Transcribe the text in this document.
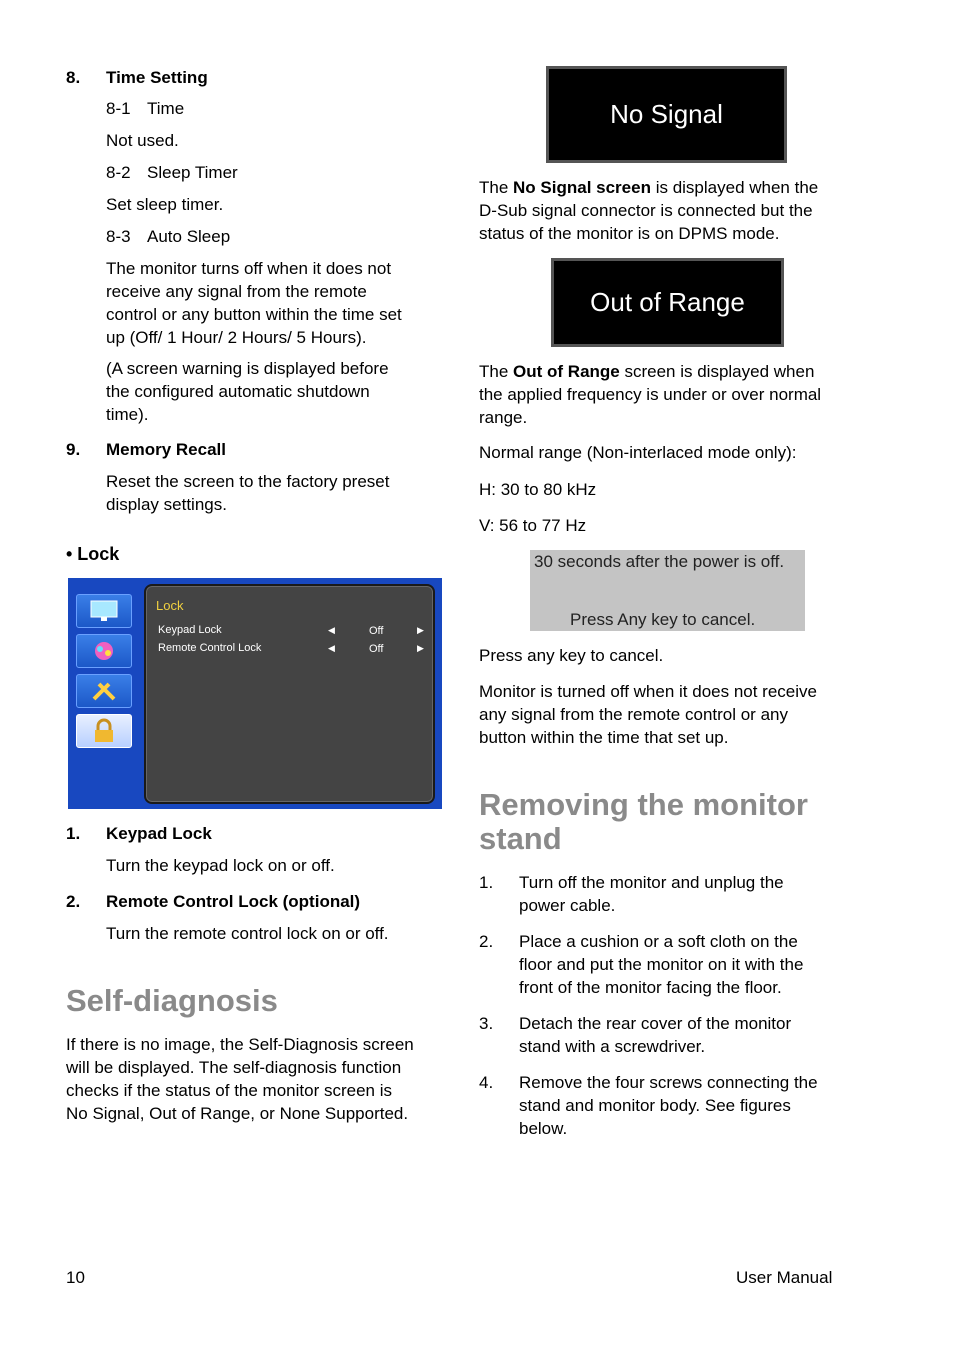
8. Time Setting
8-1 Time
Not used.
8-2 Sleep Timer
Set sleep timer.
8-3 Auto Sleep
The monitor turns off when it does not
receive any signal from the remote
control or any button within the time set
up (Off/ 1 Hour/ 2 Hours/ 5 Hours).
(A screen warning is displayed before
the configured automatic shutdown
time).
9. Memory Recall
Reset the screen to the factory preset
display settings.
• Lock
Lock
Keypad Lock	◀	Off	▶
Remote Control Lock	◀	Off	▶
1. Keypad Lock
Turn the keypad lock on or off.
2. Remote Control Lock (optional)
Turn the remote control lock on or off.
Self-diagnosis
If there is no image, the Self-Diagnosis screen
will be displayed. The self-diagnosis function
checks if the status of the monitor screen is
No Signal, Out of Range, or None Supported.
No Signal
The No Signal screen is displayed when the
D-Sub signal connector is connected but the
status of the monitor is on DPMS mode.
Out of Range
The Out of Range screen is displayed when
the applied frequency is under or over normal
range.
Normal range (Non-interlaced mode only):
H: 30 to 80 kHz
V: 56 to 77 Hz
30 seconds after the power is off.
Press Any key to cancel.
Press any key to cancel.
Monitor is turned off when it does not receive
any signal from the remote control or any
button within the time that set up.
Removing the monitor
stand
1. Turn off the monitor and unplug the
power cable.
2. Place a cushion or a soft cloth on the
floor and put the monitor on it with the
front of the monitor facing the floor.
3. Detach the rear cover of the monitor
stand with a screwdriver.
4. Remove the four screws connecting the
stand and monitor body. See figures
below.
10	User Manual
